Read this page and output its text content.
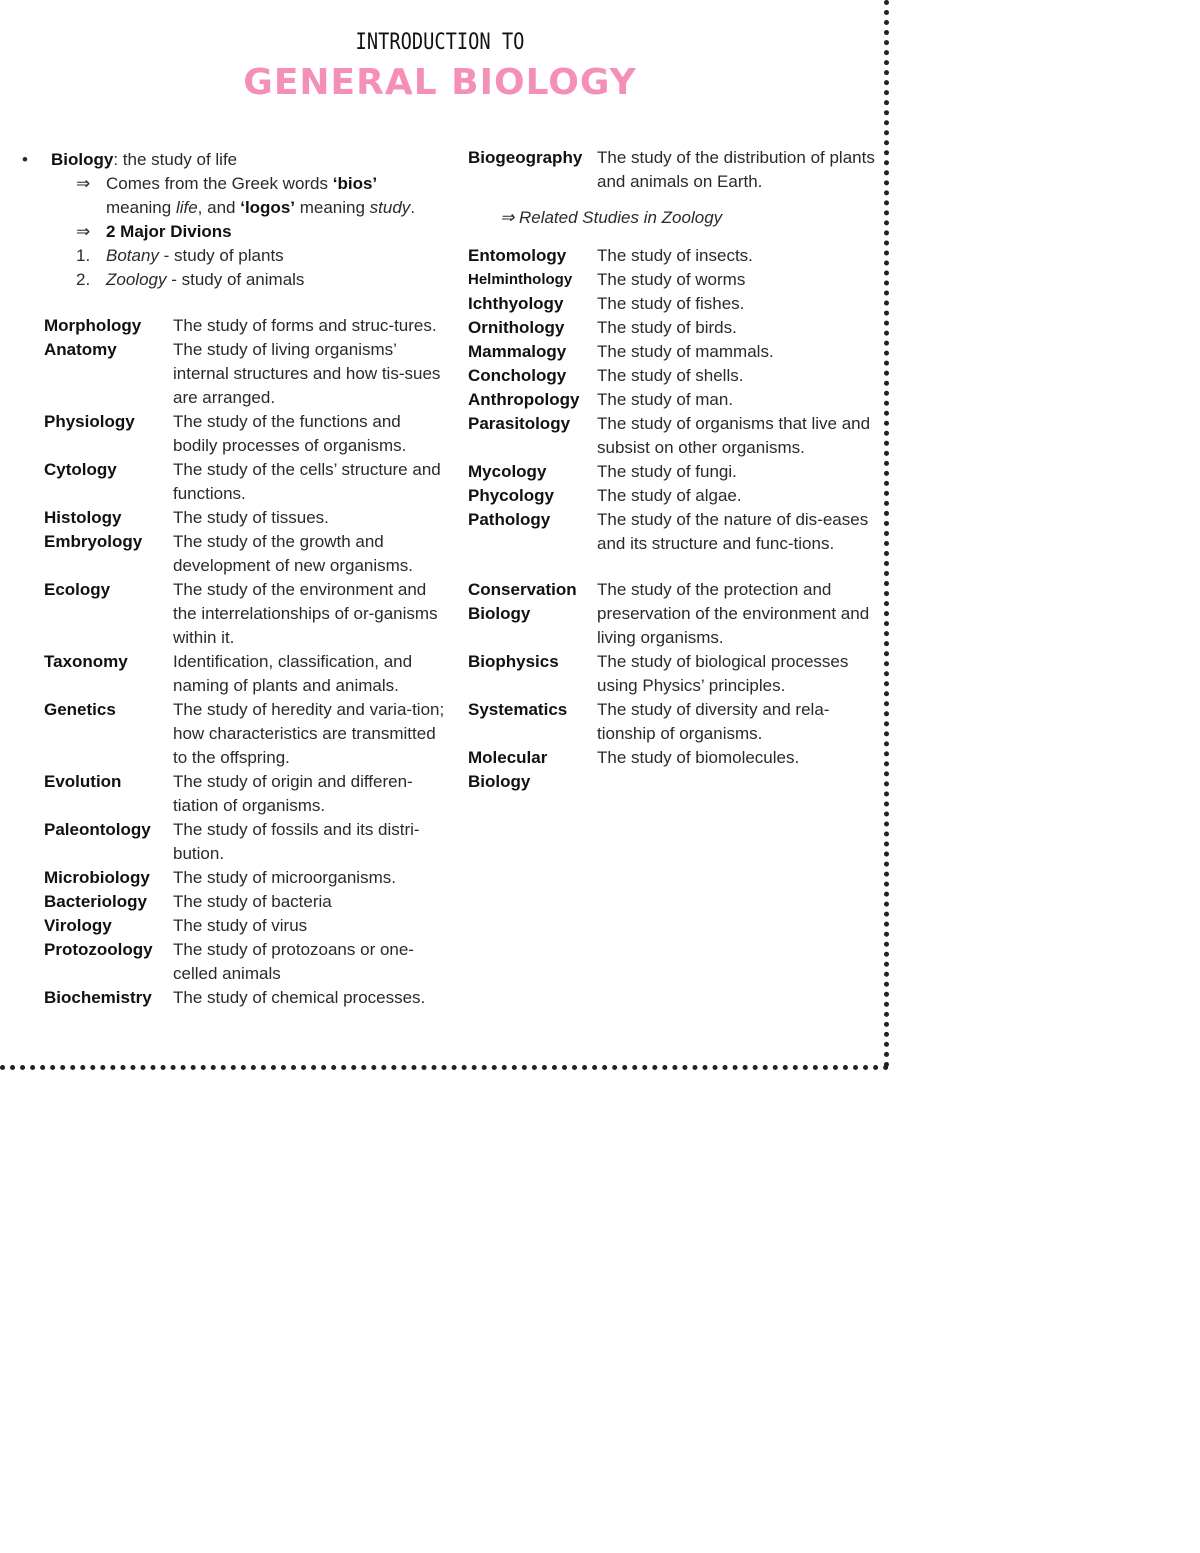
INTRODUCTION TO
GENERAL BIOLOGY
• Biology: the study of life
⇒ Comes from the Greek words ‘bios’
meaning life, and ‘logos’ meaning study.
⇒ 2 Major Divions
1. Botany - study of plants
2. Zoology - study of animals
Morphology	The study of forms and struc-tures.
Anatomy	The study of living organisms’ internal structures and how tis-sues are arranged.
Physiology	The study of the functions and bodily processes of organisms.
Cytology	The study of the cells’ structure and functions.
Histology	The study of tissues.
Embryology	The study of the growth and development of new organisms.
Ecology	The study of the environment and the interrelationships of or-ganisms within it.
Taxonomy	Identification, classification, and naming of plants and animals.
Genetics	The study of heredity and varia-tion; how characteristics are transmitted to the offspring.
Evolution	The study of origin and differen-tiation of organisms.
Paleontology	The study of fossils and its distri-bution.
Microbiology	The study of microorganisms.
Bacteriology	The study of bacteria
Virology	The study of virus
Protozoology	The study of protozoans or one-celled animals
Biochemistry	The study of chemical processes.
Biogeography The study of the distribution of plants and animals on Earth.
⇒ Related Studies in Zoology
Entomology	The study of insects.
Helminthology	The study of worms
Ichthyology	The study of fishes.
Ornithology	The study of birds.
Mammalogy	The study of mammals.
Conchology	The study of shells.
Anthropology	The study of man.
Parasitology	The study of organisms that live and subsist on other organisms.
Mycology	The study of fungi.
Phycology	The study of algae.
Pathology	The study of the nature of dis-eases and its structure and func-tions.
Conservation Biology
The study of the protection and preservation of the environment and living organisms.
Biophysics	The study of biological processes using Physics’ principles.
Systematics	The study of diversity and rela-tionship of organisms.
Molecular Biology
The study of biomolecules.
